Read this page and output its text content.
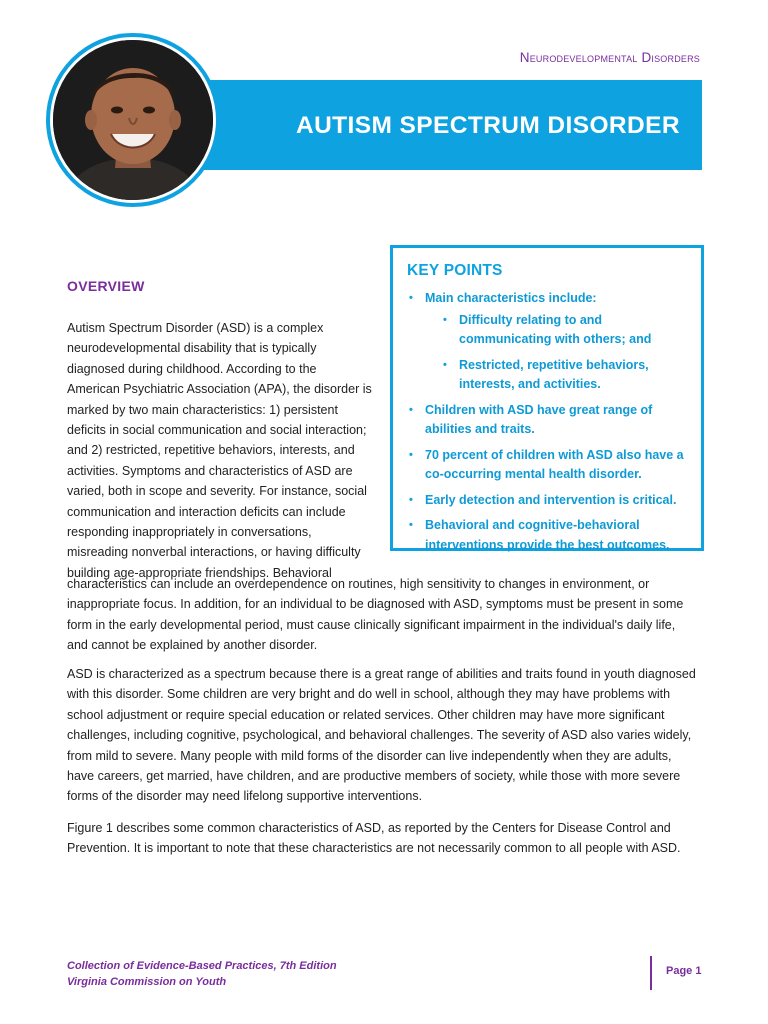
Neurodevelopmental Disorders
AUTISM SPECTRUM DISORDER
OVERVIEW
Autism Spectrum Disorder (ASD) is a complex
neurodevelopmental disability that is typically
diagnosed during childhood. According to the
American Psychiatric Association (APA), the disorder is
marked by two main characteristics: 1) persistent
deficits in social communication and social interaction;
and 2) restricted, repetitive behaviors, interests, and
activities. Symptoms and characteristics of ASD are
varied, both in scope and severity. For instance, social
communication and interaction deficits can include
responding inappropriately in conversations,
misreading nonverbal interactions, or having difficulty
building age-appropriate friendships. Behavioral
characteristics can include an overdependence on routines, high sensitivity to changes in environment, or
inappropriate focus. In addition, for an individual to be diagnosed with ASD, symptoms must be present in some
form in the early developmental period, must cause clinically significant impairment in the individual's daily life,
and cannot be explained by another disorder.
ASD is characterized as a spectrum because there is a great range of abilities and traits found in youth diagnosed
with this disorder. Some children are very bright and do well in school, although they may have problems with
school adjustment or require special education or related services. Other children may have more significant
challenges, including cognitive, psychological, and behavioral challenges. The severity of ASD also varies widely,
from mild to severe. Many people with mild forms of the disorder can live independently when they are adults,
have careers, get married, have children, and are productive members of society, while those with more severe
forms of the disorder may need lifelong supportive interventions.
Figure 1 describes some common characteristics of ASD, as reported by the Centers for Disease Control and
Prevention. It is important to note that these characteristics are not necessarily common to all people with ASD.
KEY POINTS
• Main characteristics include:
• Difficulty relating to and communicating with others; and
• Restricted, repetitive behaviors, interests, and activities.
• Children with ASD have great range of abilities and traits.
• 70 percent of children with ASD also have a co-occurring mental health disorder.
• Early detection and intervention is critical.
• Behavioral and cognitive-behavioral interventions provide the best outcomes.
Collection of Evidence-Based Practices, 7th Edition
Virginia Commission on Youth
Page 1
